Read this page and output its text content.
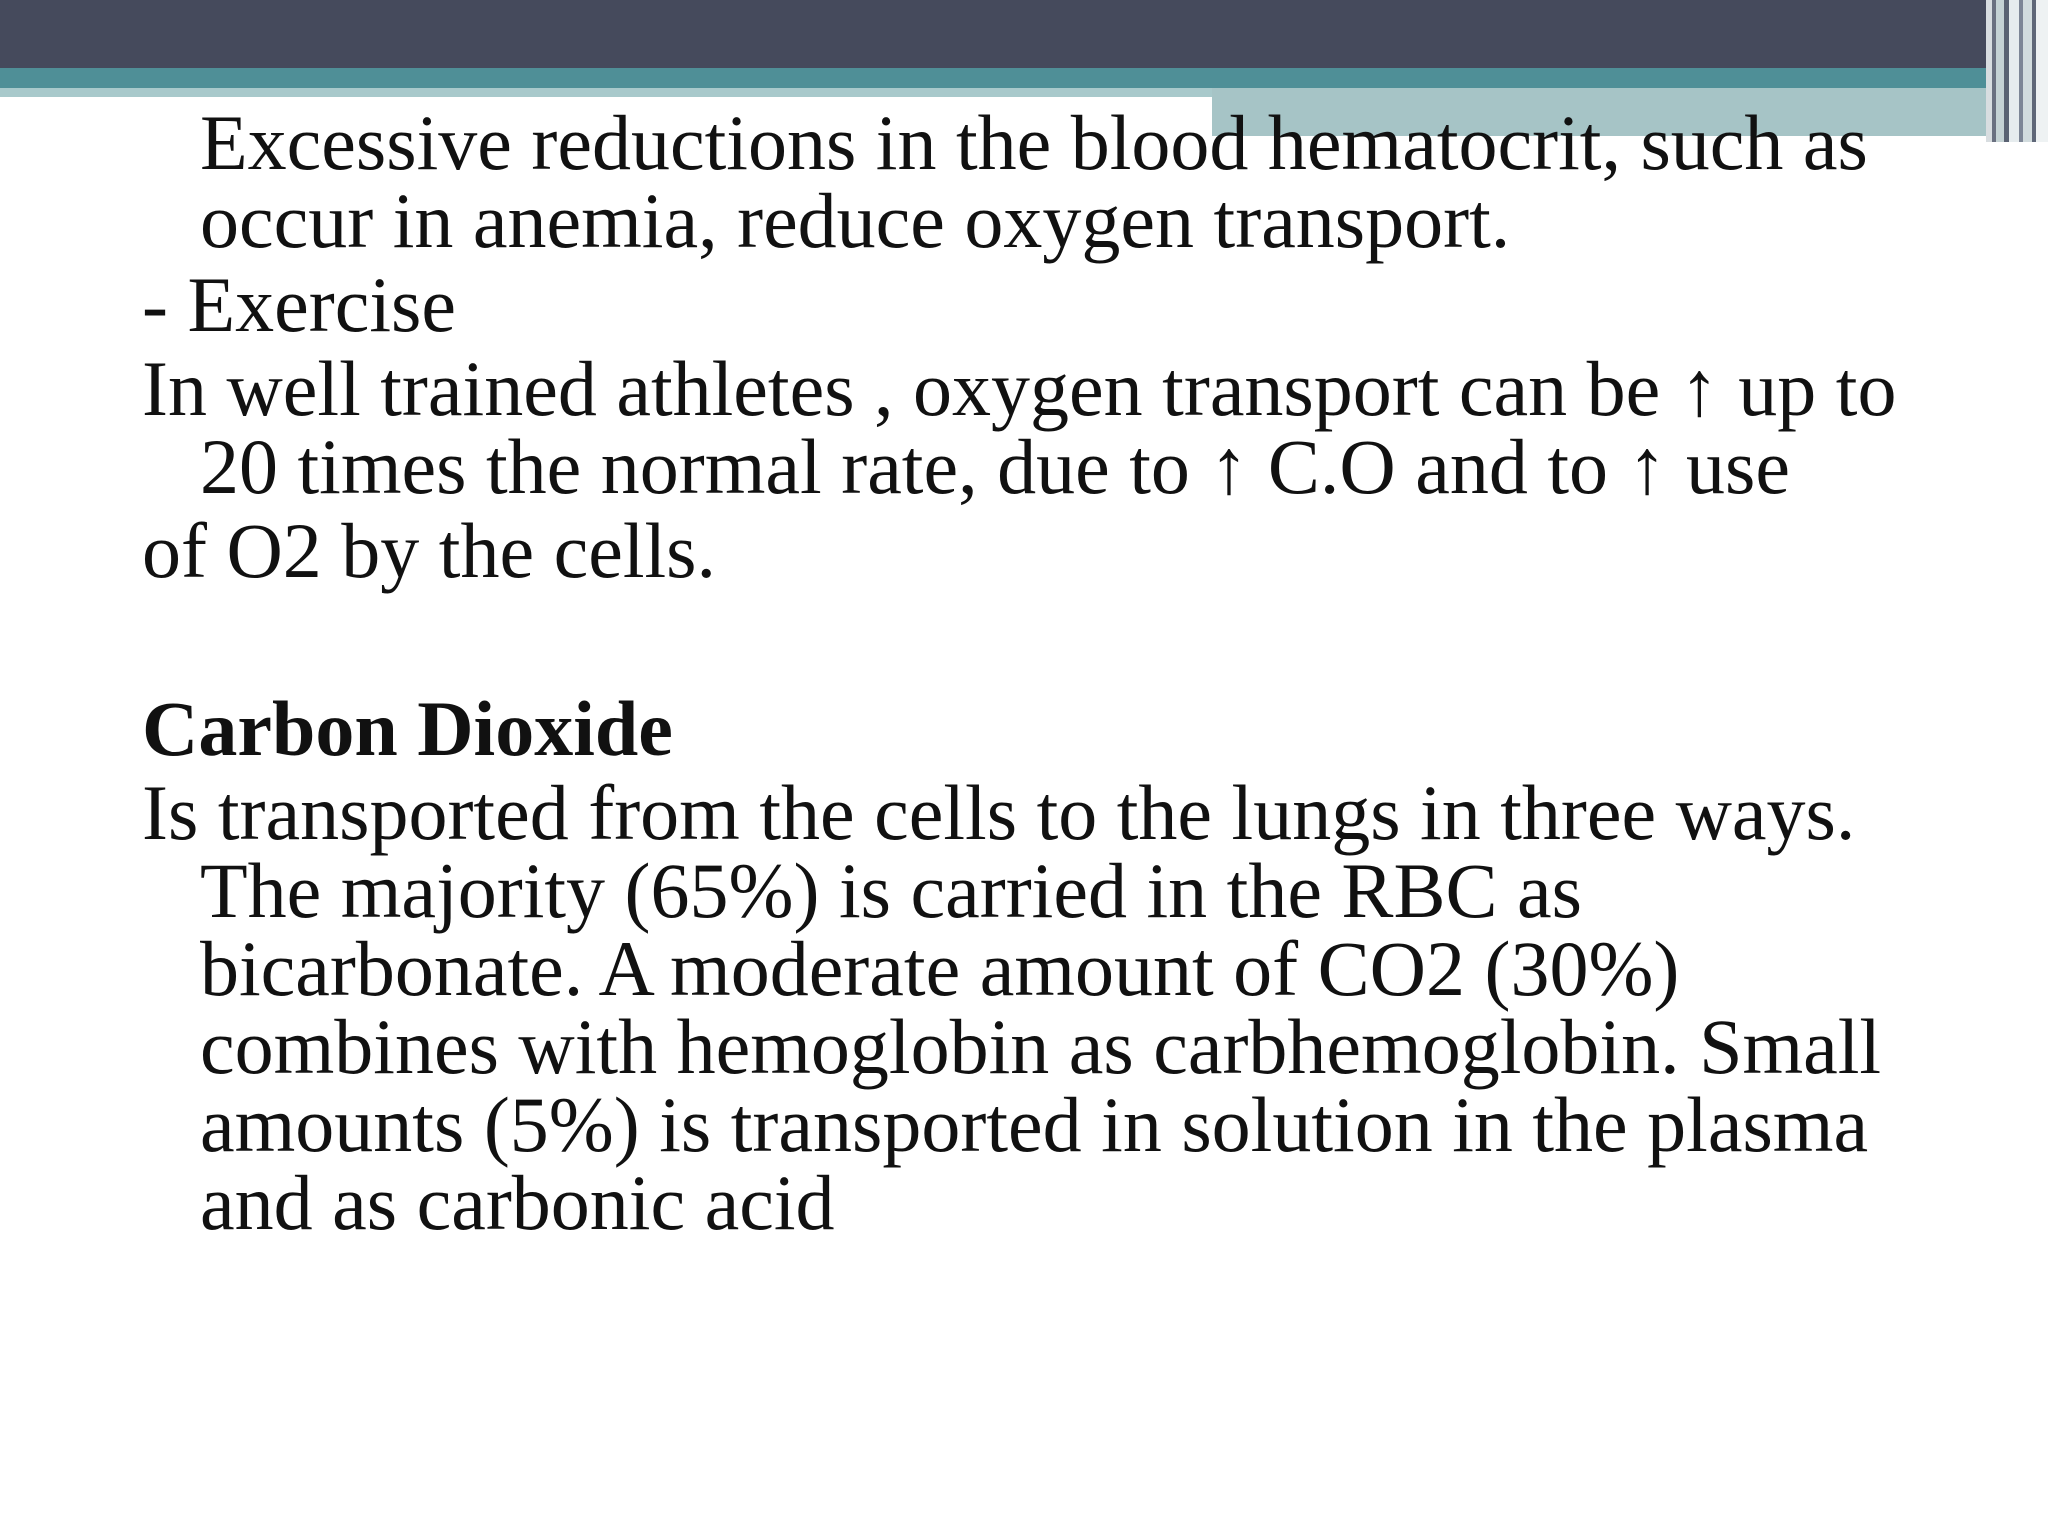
Excessive reductions in the blood hematocrit, such as occur in anemia, reduce oxygen transport.

- Exercise

In well trained athletes , oxygen transport can be ↑ up to 20 times the normal rate, due to ↑ C.O and to ↑ use

of O2 by the cells.

Carbon Dioxide

Is transported from the cells to the lungs in three ways. The majority (65%) is carried in the RBC as bicarbonate. A moderate amount of CO2 (30%) combines with hemoglobin as carbhemoglobin. Small amounts (5%) is transported in solution in the plasma and as carbonic acid
